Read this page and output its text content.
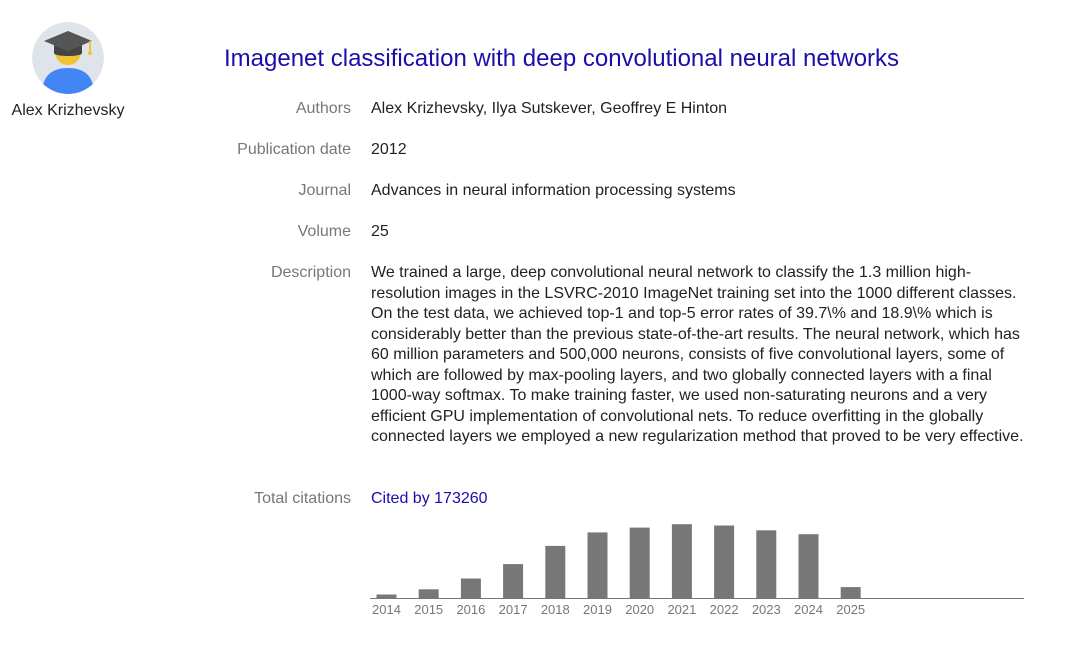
Alex Krizhevsky
Imagenet classification with deep convolutional neural networks
Authors Alex Krizhevsky, Ilya Sutskever, Geoffrey E Hinton
Publication date 2012
Journal Advances in neural information processing systems
Volume 25
Description We trained a large, deep convolutional neural network to classify the 1.3 million high-resolution images in the LSVRC-2010 ImageNet training set into the 1000 different classes. On the test data, we achieved top-1 and top-5 error rates of 39.7\% and 18.9\% which is considerably better than the previous state-of-the-art results. The neural network, which has 60 million parameters and 500,000 neurons, consists of five convolutional layers, some of which are followed by max-pooling layers, and two globally connected layers with a final 1000-way softmax. To make training faster, we used non-saturating neurons and a very efficient GPU implementation of convolutional nets. To reduce overfitting in the globally connected layers we employed a new regularization method that proved to be very effective.
Total citations Cited by 173260
2014 2015 2016 2017 2018 2019 2020 2021 2022 2023 2024 2025
